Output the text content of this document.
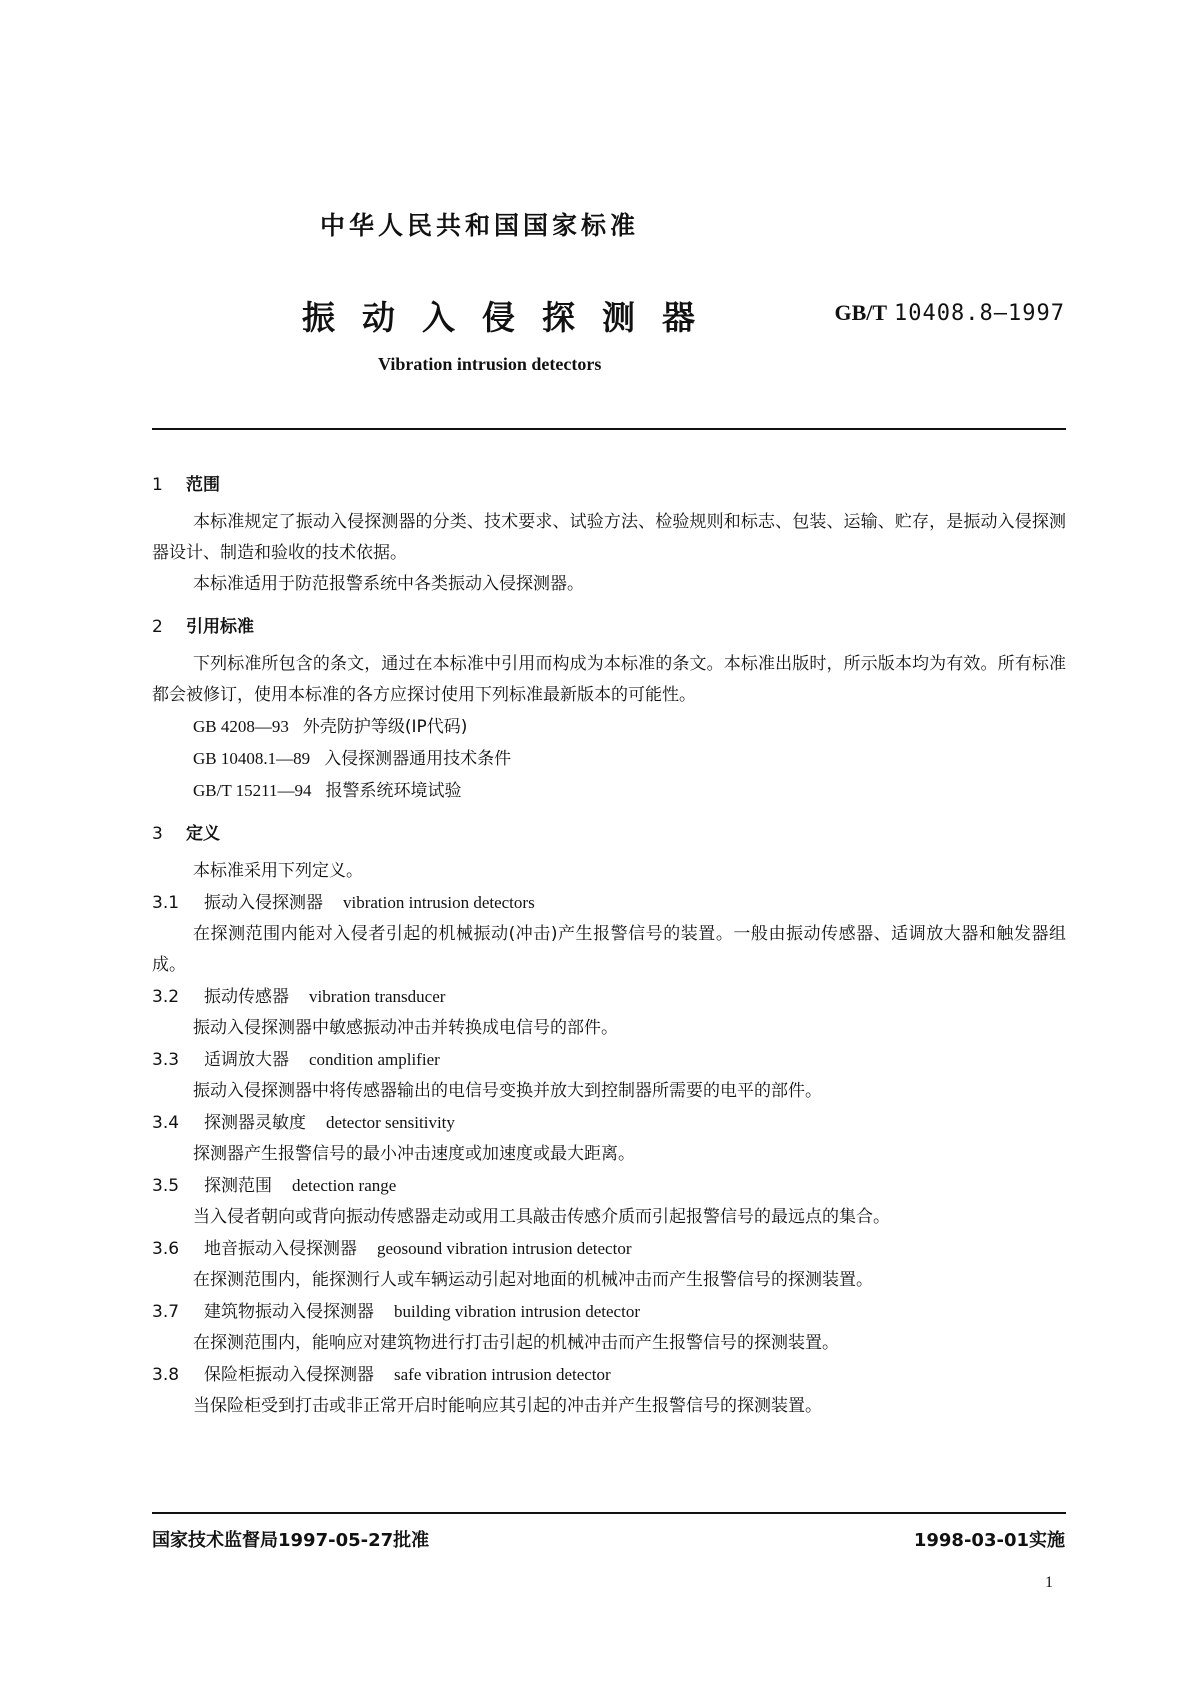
中华人民共和国国家标准
振动入侵探测器	GB/T 10408.8—1997
Vibration intrusion detectors
1 范围

本标准规定了振动入侵探测器的分类、技术要求、试验方法、检验规则和标志、包装、运输、贮存，是振动入侵探测器设计、制造和验收的技术依据。

本标准适用于防范报警系统中各类振动入侵探测器。

2 引用标准

下列标准所包含的条文，通过在本标准中引用而构成为本标准的条文。本标准出版时，所示版本均为有效。所有标准都会被修订，使用本标准的各方应探讨使用下列标准最新版本的可能性。

GB 4208—93 外壳防护等级(IP代码)

GB 10408.1—89 入侵探测器通用技术条件

GB/T 15211—94 报警系统环境试验

3 定义

本标准采用下列定义。

3.1 振动入侵探测器 vibration intrusion detectors

在探测范围内能对入侵者引起的机械振动(冲击)产生报警信号的装置。一般由振动传感器、适调放大器和触发器组成。

3.2 振动传感器 vibration transducer

振动入侵探测器中敏感振动冲击并转换成电信号的部件。

3.3 适调放大器 condition amplifier

振动入侵探测器中将传感器输出的电信号变换并放大到控制器所需要的电平的部件。

3.4 探测器灵敏度 detector sensitivity

探测器产生报警信号的最小冲击速度或加速度或最大距离。

3.5 探测范围 detection range

当入侵者朝向或背向振动传感器走动或用工具敲击传感介质而引起报警信号的最远点的集合。

3.6 地音振动入侵探测器 geosound vibration intrusion detector

在探测范围内，能探测行人或车辆运动引起对地面的机械冲击而产生报警信号的探测装置。

3.7 建筑物振动入侵探测器 building vibration intrusion detector

在探测范围内，能响应对建筑物进行打击引起的机械冲击而产生报警信号的探测装置。

3.8 保险柜振动入侵探测器 safe vibration intrusion detector

当保险柜受到打击或非正常开启时能响应其引起的冲击并产生报警信号的探测装置。

国家技术监督局1997-05-27批准	1998-03-01实施
1
